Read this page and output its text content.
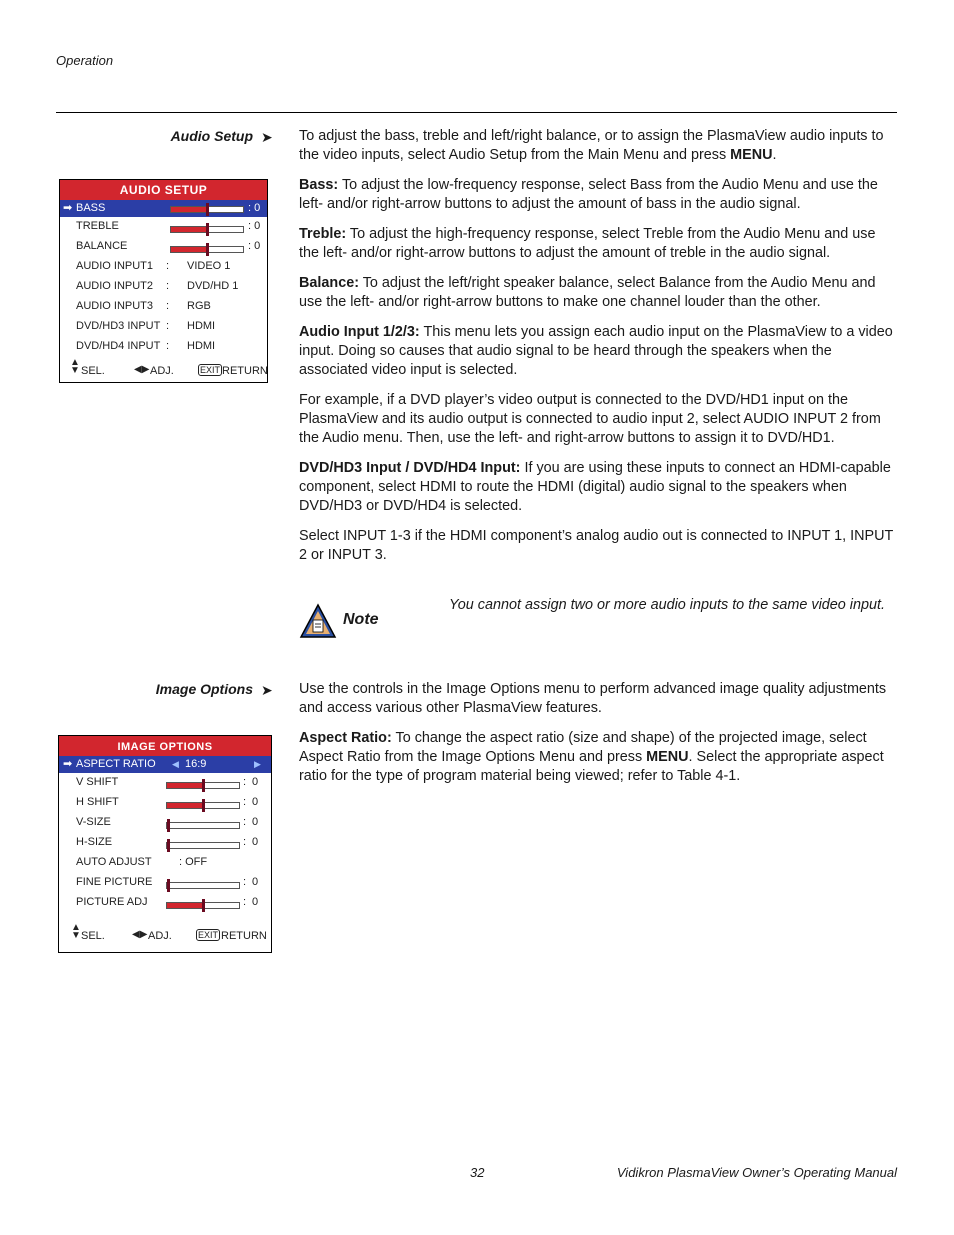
Operation
Audio Setup ➤ To adjust the bass, treble and left/right balance, or to assign the PlasmaView audio inputs to the video inputs, select Audio Setup from the Main Menu and press MENU.

Bass: To adjust the low-frequency response, select Bass from the Audio Menu and use the left- and/or right-arrow buttons to adjust the amount of bass in the audio signal.

Treble: To adjust the high-frequency response, select Treble from the Audio Menu and use the left- and/or right-arrow buttons to adjust the amount of treble in the audio signal.

Balance: To adjust the left/right speaker balance, select Balance from the Audio Menu and use the left- and/or right-arrow buttons to make one channel louder than the other.

Audio Input 1/2/3: This menu lets you assign each audio input on the PlasmaView to a video input. Doing so causes that audio signal to be heard through the speakers when the associated video input is selected.

For example, if a DVD player’s video output is connected to the DVD/HD1 input on the PlasmaView and its audio output is connected to audio input 2, select AUDIO INPUT 2 from the Audio menu. Then, use the left- and right-arrow buttons to assign it to DVD/HD1.

DVD/HD3 Input / DVD/HD4 Input: If you are using these inputs to connect an HDMI-capable component, select HDMI to route the HDMI (digital) audio signal to the speakers when DVD/HD3 or DVD/HD4 is selected.

Select INPUT 1-3 if the HDMI component’s analog audio out is connected to INPUT 1, INPUT 2 or INPUT 3.

AUDIO SETUP
➡ BASS	: 0
TREBLE	: 0
BALANCE	: 0
AUDIO INPUT1 : VIDEO 1
AUDIO INPUT2 : DVD/HD 1
AUDIO INPUT3 : RGB
DVD/HD3 INPUT : HDMI
DVD/HD4 INPUT : HDMI
▲
▼ SEL.	◀▶ ADJ.	EXIT RETURN
Note
You cannot assign two or more audio inputs to the same video input.
Image Options ➤ Use the controls in the Image Options menu to perform advanced image quality adjustments and access various other PlasmaView features.

Aspect Ratio: To change the aspect ratio (size and shape) of the projected image, select Aspect Ratio from the Image Options Menu and press MENU. Select the appropriate aspect ratio for the type of program material being viewed; refer to Table 4-1.

IMAGE OPTIONS
➡ ASPECT RATIO ◀ 16:9	▶
V SHIFT	: 0
H SHIFT	: 0
V-SIZE	: 0
H-SIZE	: 0
AUTO ADJUST : OFF
FINE PICTURE	: 0
PICTURE ADJ	: 0
▲
▼ SEL.	◀▶ ADJ.	EXIT RETURN
32	Vidikron PlasmaView Owner’s Operating Manual
